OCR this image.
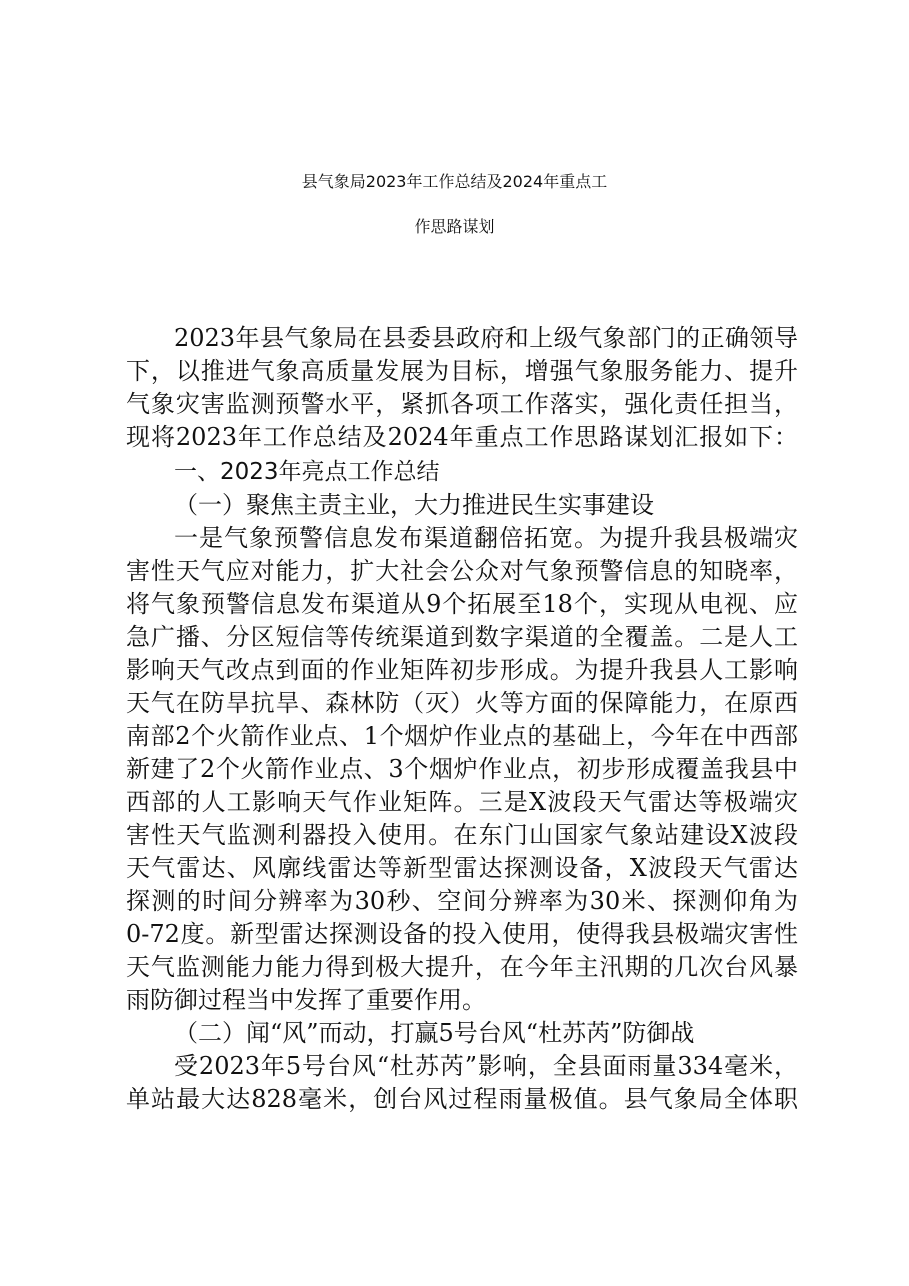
县气象局2023年工作总结及2024年重点工
作思路谋划
2023年县气象局在县委县政府和上级气象部门的正确领导
下，以推进气象高质量发展为目标，增强气象服务能力、提升
气象灾害监测预警水平，紧抓各项工作落实，强化责任担当，
现将2023年工作总结及2024年重点工作思路谋划汇报如下：
一、2023年亮点工作总结
（一）聚焦主责主业，大力推进民生实事建设
一是气象预警信息发布渠道翻倍拓宽。为提升我县极端灾
害性天气应对能力，扩大社会公众对气象预警信息的知晓率，
将气象预警信息发布渠道从9个拓展至18个，实现从电视、应
急广播、分区短信等传统渠道到数字渠道的全覆盖。二是人工
影响天气改点到面的作业矩阵初步形成。为提升我县人工影响
天气在防旱抗旱、森林防（灭）火等方面的保障能力，在原西
南部2个火箭作业点、1个烟炉作业点的基础上，今年在中西部
新建了2个火箭作业点、3个烟炉作业点，初步形成覆盖我县中
西部的人工影响天气作业矩阵。三是X波段天气雷达等极端灾
害性天气监测利器投入使用。在东门山国家气象站建设X波段
天气雷达、风廓线雷达等新型雷达探测设备，X波段天气雷达
探测的时间分辨率为30秒、空间分辨率为30米、探测仰角为
0-72度。新型雷达探测设备的投入使用，使得我县极端灾害性
天气监测能力能力得到极大提升，在今年主汛期的几次台风暴
雨防御过程当中发挥了重要作用。
（二）闻“风”而动，打赢5号台风“杜苏芮”防御战
受2023年5号台风“杜苏芮”影响，全县面雨量334毫米，
单站最大达828毫米，创台风过程雨量极值。县气象局全体职
